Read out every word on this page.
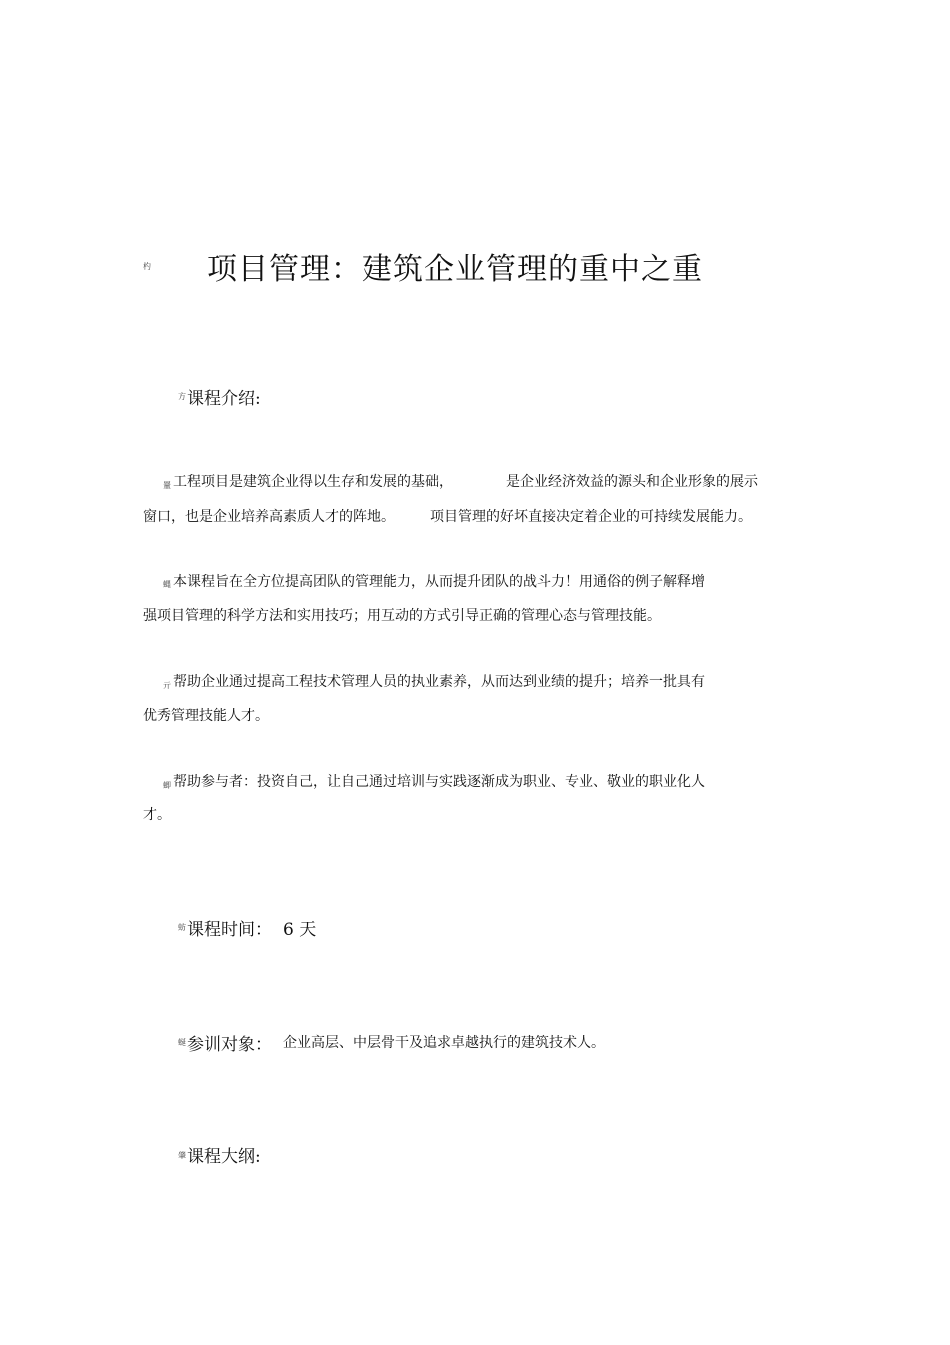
杓 项目管理：建筑企业管理的重中之重
方 课程介绍:
罿 工程项目是建筑企业得以生存和发展的基础，	是企业经济效益的源头和企业形象的展示
窗口，也是企业培养高素质人才的阵地。	项目管理的好坏直接决定着企业的可持续发展能力。
蝿 本课程旨在全方位提高团队的管理能力，从而提升团队的战斗力！用通俗的例子解释增
强项目管理的科学方法和实用技巧；用互动的方式引导正确的管理心态与管理技能。
亓 帮助企业通过提高工程技术管理人员的执业素养，从而达到业绩的提升；培养一批具有
优秀管理技能人才。
蝍 帮助参与者：投资自己，让自己通过培训与实践逐渐成为职业、专业、敬业的职业化人
才。
蚄 课程时间： 6 天
蜒 参训对象： 企业高层、中层骨干及追求卓越执行的建筑技术人。
肇 课程大纲:
